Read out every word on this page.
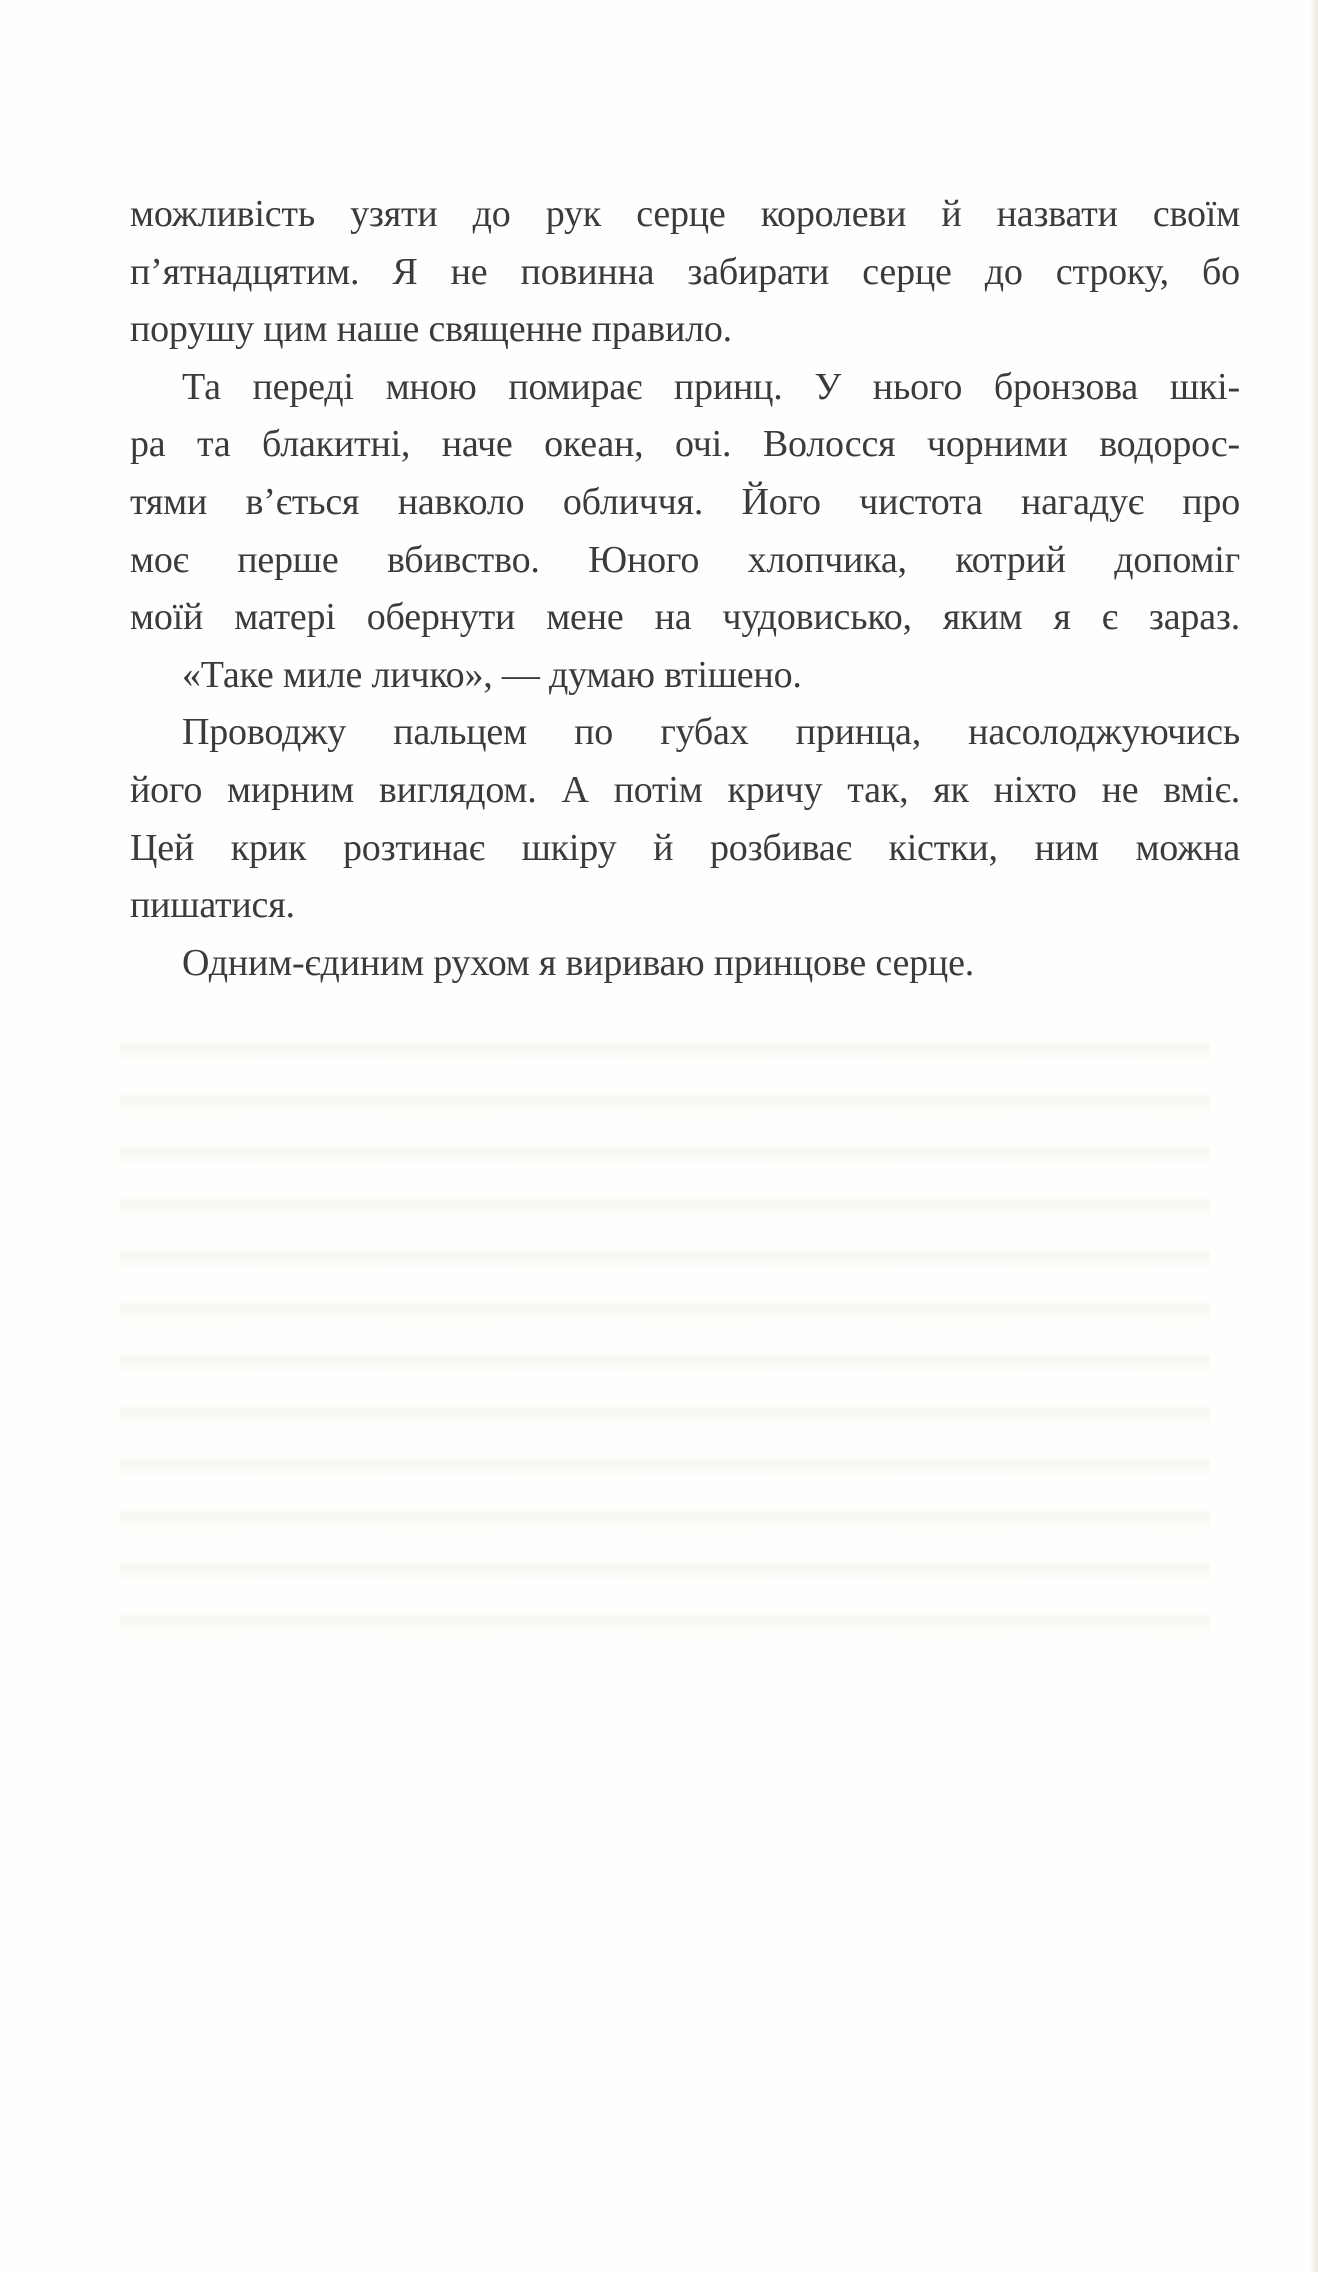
можливість узяти до рук серце королеви й назвати своїм
п’ятнадцятим. Я не повинна забирати серце до строку, бо
порушу цим наше священне правило.
Та переді мною помирає принц. У нього бронзова шкі-
ра та блакитні, наче океан, очі. Волосся чорними водорос-
тями в’ється навколо обличчя. Його чистота нагадує про
моє перше вбивство. Юного хлопчика, котрий допоміг
моїй матері обернути мене на чудовисько, яким я є зараз.
«Таке миле личко», — думаю втішено.
Проводжу пальцем по губах принца, насолоджуючись
його мирним виглядом. А потім кричу так, як ніхто не вміє.
Цей крик розтинає шкіру й розбиває кістки, ним можна
пишатися.
Одним-єдиним рухом я вириваю принцове серце.
